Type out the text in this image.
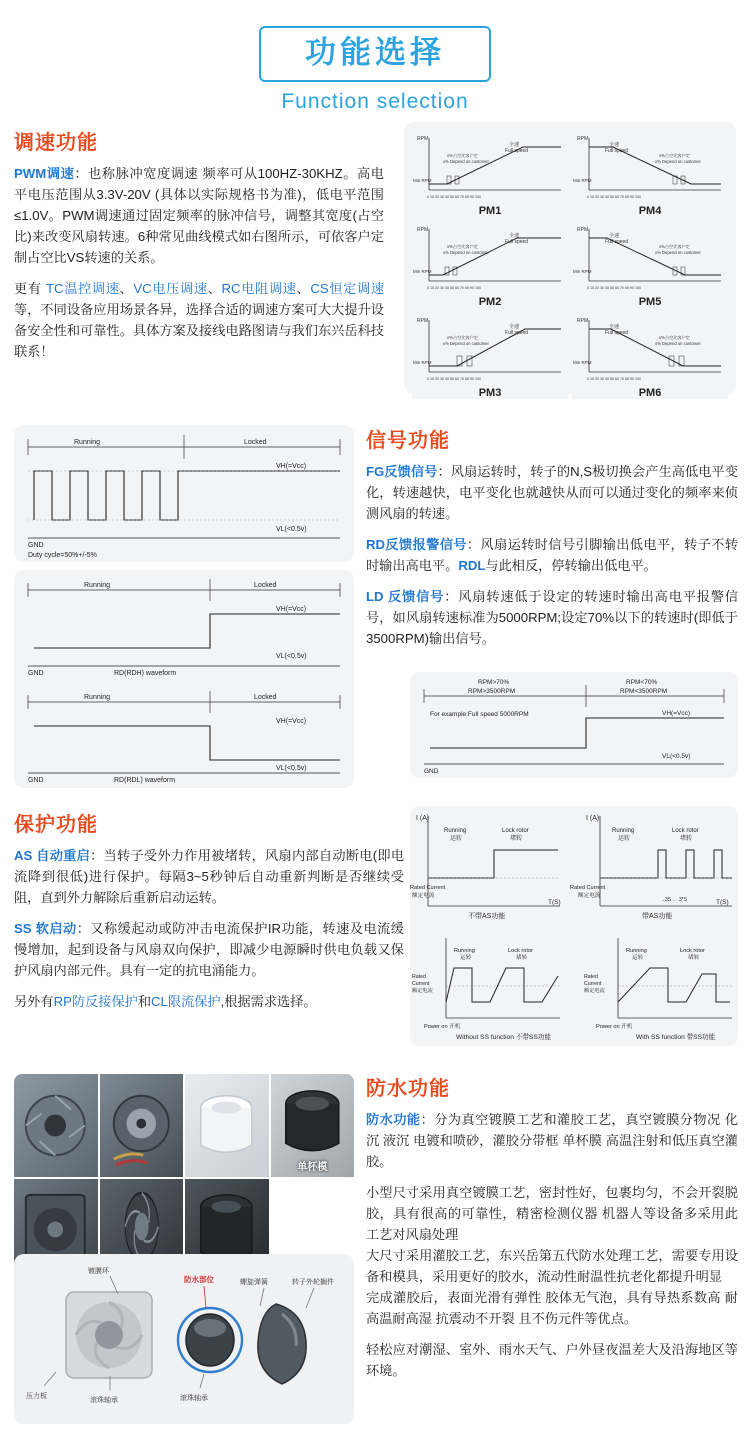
功能选择
Function selection
调速功能
PWM调速：也称脉冲宽度调速 频率可从100HZ-30KHZ。高电平电压范围从3.3V-20V (具体以实际规格书为准)，低电平范围≤1.0V。PWM调速通过固定频率的脉冲信号，调整其宽度(占空比)来改变风扇转速。6种常见曲线模式如右图所示，可依客户定制占空比VS转速的关系。
更有 TC温控调速、VC电压调速、RC电阻调速、CS恒定调速等，不同设备应用场景各异，选择合适的调速方案可大大提升设备安全性和可靠性。具体方案及接线电路图请与我们东兴岳科技联系！
RPM
全速
Full speed
x%占空比客户定
x% Depend on customer
Min RPM
0 10 20 30 40 50 60 70 80 90 100
PM1
RPM
全速
Full speed
x%占空比客户定
x% Depend on customer
Min RPM
0 10 20 30 40 50 60 70 80 90 100
PM4
RPM
全速
Full speed
x%占空比客户定
x% Depend on customer
Min RPM
0 10 20 30 40 50 60 70 80 90 100
PM2
RPM
全速
Full speed
x%占空比客户定
x% Depend on customer
Min RPM
0 10 20 30 40 50 60 70 80 90 100
PM5
RPM
全速
Full speed
x%占空比客户定
x% Depend on customer
Min RPM
0 10 20 30 40 50 60 70 80 90 100
PM3
RPM
全速
Full speed
x%占空比客户定
x% Depend on customer
Min RPM
0 10 20 30 40 50 60 70 80 90 100
PM6
Running	Locked
VH(=Vcc)
VL(<0.5v)
GND
Duty cycle=50%+/-5%
Running	Locked
VH(=Vcc)
VL(<0.5v)
GND	RD(RDH) waveform
Running	Locked
VH(=Vcc)
VL(<0.5v)
GND	RD(RDL) waveform
信号功能
FG反馈信号：风扇运转时，转子的N,S极切换会产生高低电平变化，转速越快，电平变化也就越快从而可以通过变化的频率来侦测风扇的转速。
RD反馈报警信号：风扇运转时信号引脚输出低电平，转子不转时输出高电平。RDL与此相反，停转输出低电平。
LD 反馈信号：风扇转速低于设定的转速时输出高电平报警信号，如风扇转速标准为5000RPM;设定70%以下的转速时(即低于3500RPM)输出信号。
RPM>70%
RPM>3500RPM
RPM<70%
RPM<3500RPM
For example:Full speed 5000RPM	VH(=Vcc)
VL(<0.5v)
GND
保护功能
AS 自动重启：当转子受外力作用被堵转，风扇内部自动断电(即电流降到很低)进行保护。每隔3~5秒钟后自动重新判断是否继续受阻，直到外力解除后重新启动运转。
SS 软启动：又称缓起动或防冲击电流保护IR功能，转速及电流缓慢增加，起到设备与风扇双向保护，即减少电源瞬时供电负载又保护风扇内部元件。具有一定的抗电涌能力。
另外有RP防反接保护和CL限流保护,根据需求选择。
I (A)
Running
运转
Lock rotor
堵转
Rated Current
额定电流
不带AS功能
I (A)
Running
运转
Lock rotor
堵转
Rated Current
额定电流
→3S ← 3*S	T(S)
T(S)
带AS功能
Running
运转
Lock rotor
堵转
Rated
Current
额定电流
Power on 开机
Without SS function 不带SS功能
Running
运转
Lock rotor
堵转
Rated
Current
额定电流
Power on 开机
With SS function 带SS功能
单杯模
镀膜环
防水部位	螺旋弹簧	转子外轮搁件
压力板
滚珠轴承	滚珠轴承
防水功能
防水功能：分为真空镀膜工艺和灌胶工艺，真空镀膜分物况 化沉 液沉 电镀和喷砂，灌胶分带框 单杯膜 高温注射和低压真空灌胶。
小型尺寸采用真空镀膜工艺，密封性好，包裹均匀，不会开裂脱胶，具有很高的可靠性，精密检测仪器 机器人等设备多采用此工艺对风扇处理
大尺寸采用灌胶工艺，东兴岳第五代防水处理工艺，需要专用设备和模具，采用更好的胶水，流动性耐温性抗老化都提升明显
完成灌胶后，表面光滑有弹性 胶体无气泡，具有导热系数高 耐高温耐高湿 抗震动不开裂 且不伤元件等优点。
轻松应对潮湿、室外、雨水天气、户外昼夜温差大及沿海地区等环境。
